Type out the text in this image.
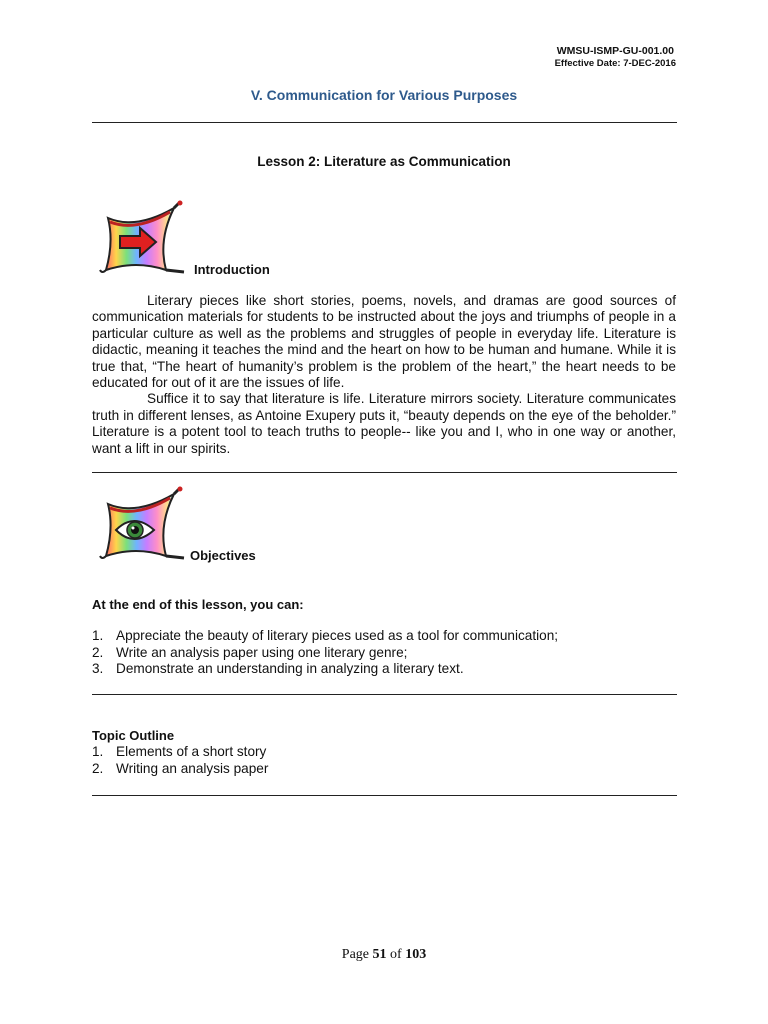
WMSU-ISMP-GU-001.00
Effective Date: 7-DEC-2016
V. Communication for Various Purposes
Lesson 2: Literature as Communication
Introduction

Literary pieces like short stories, poems, novels, and dramas are good sources of communication materials for students to be instructed about the joys and triumphs of people in a particular culture as well as the problems and struggles of people in everyday life. Literature is didactic, meaning it teaches the mind and the heart on how to be human and humane. While it is true that, “The heart of humanity’s problem is the problem of the heart,” the heart needs to be educated for out of it are the issues of life.

Suffice it to say that literature is life. Literature mirrors society. Literature communicates truth in different lenses, as Antoine Exupery puts it, “beauty depends on the eye of the beholder.” Literature is a potent tool to teach truths to people-- like you and I, who in one way or another, want a lift in our spirits.

Objectives
At the end of this lesson, you can:
1. Appreciate the beauty of literary pieces used as a tool for communication;
2. Write an analysis paper using one literary genre;
3. Demonstrate an understanding in analyzing a literary text.
Topic Outline
1. Elements of a short story
2. Writing an analysis paper
Page 51 of 103
